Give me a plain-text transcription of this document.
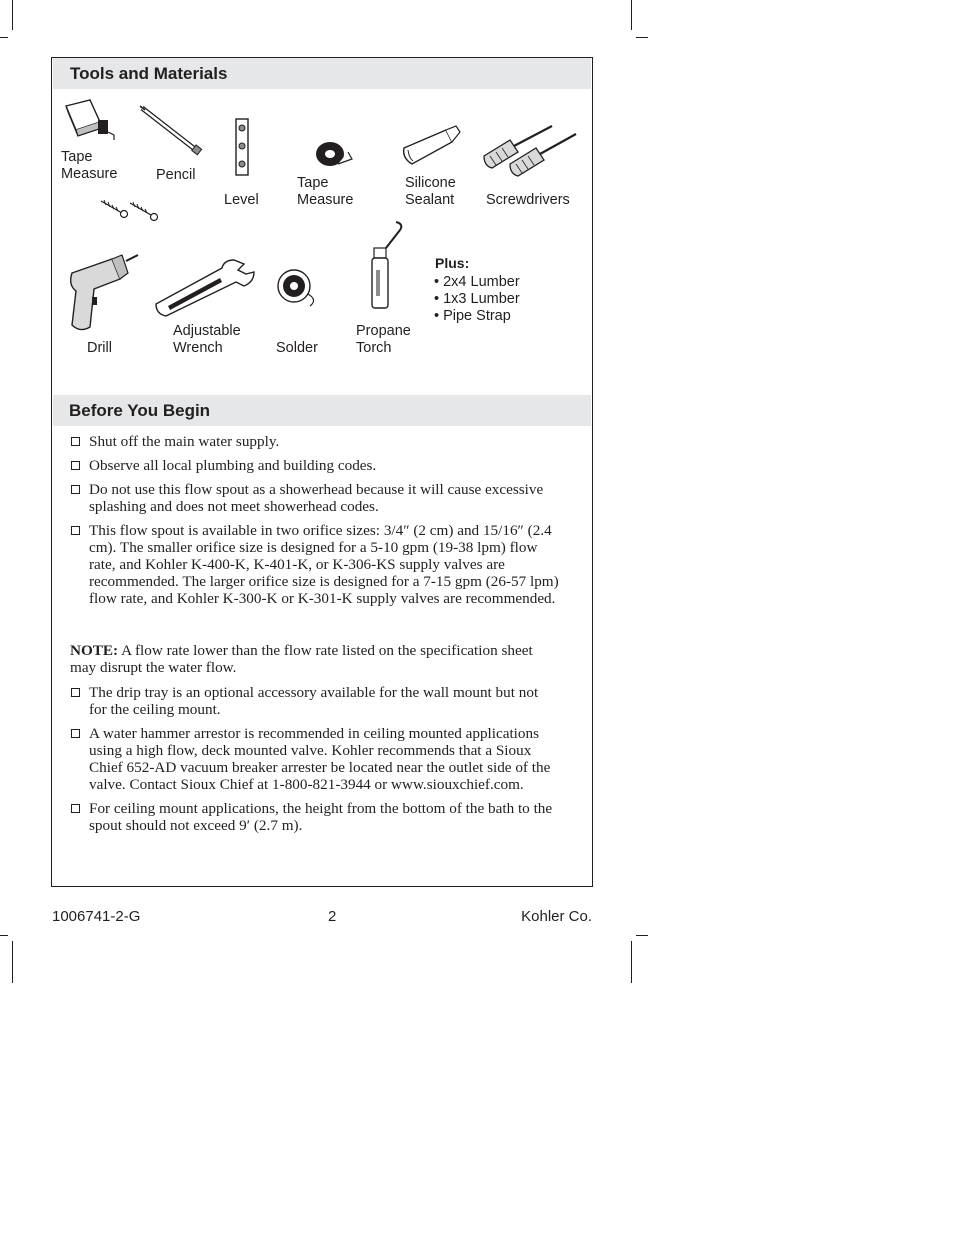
Tools and Materials
Tape
Measure	Pencil
Level
Tape
Measure
Silicone
Sealant Screwdrivers
Drill
Adjustable
Wrench	Solder
Propane
Torch
Plus:
• 2x4 Lumber
• 1x3 Lumber
• Pipe Strap
Before You Begin
Shut off the main water supply.
Observe all local plumbing and building codes.
Do not use this flow spout as a showerhead because it will cause excessive splashing and does not meet showerhead codes.
This flow spout is available in two orifice sizes: 3/4″ (2 cm) and 15/16″ (2.4 cm). The smaller orifice size is designed for a 5-10 gpm (19-38 lpm) flow rate, and Kohler K-400-K, K-401-K, or K-306-KS supply valves are recommended. The larger orifice size is designed for a 7-15 gpm (26-57 lpm) flow rate, and Kohler K-300-K or K-301-K supply valves are recommended.
NOTE: A flow rate lower than the flow rate listed on the specification sheet may disrupt the water flow.
The drip tray is an optional accessory available for the wall mount but not for the ceiling mount.
A water hammer arrestor is recommended in ceiling mounted applications using a high flow, deck mounted valve. Kohler recommends that a Sioux Chief 652-AD vacuum breaker arrester be located near the outlet side of the valve. Contact Sioux Chief at 1-800-821-3944 or www.siouxchief.com.
For ceiling mount applications, the height from the bottom of the bath to the spout should not exceed 9′ (2.7 m).
1006741-2-G	2	Kohler Co.
